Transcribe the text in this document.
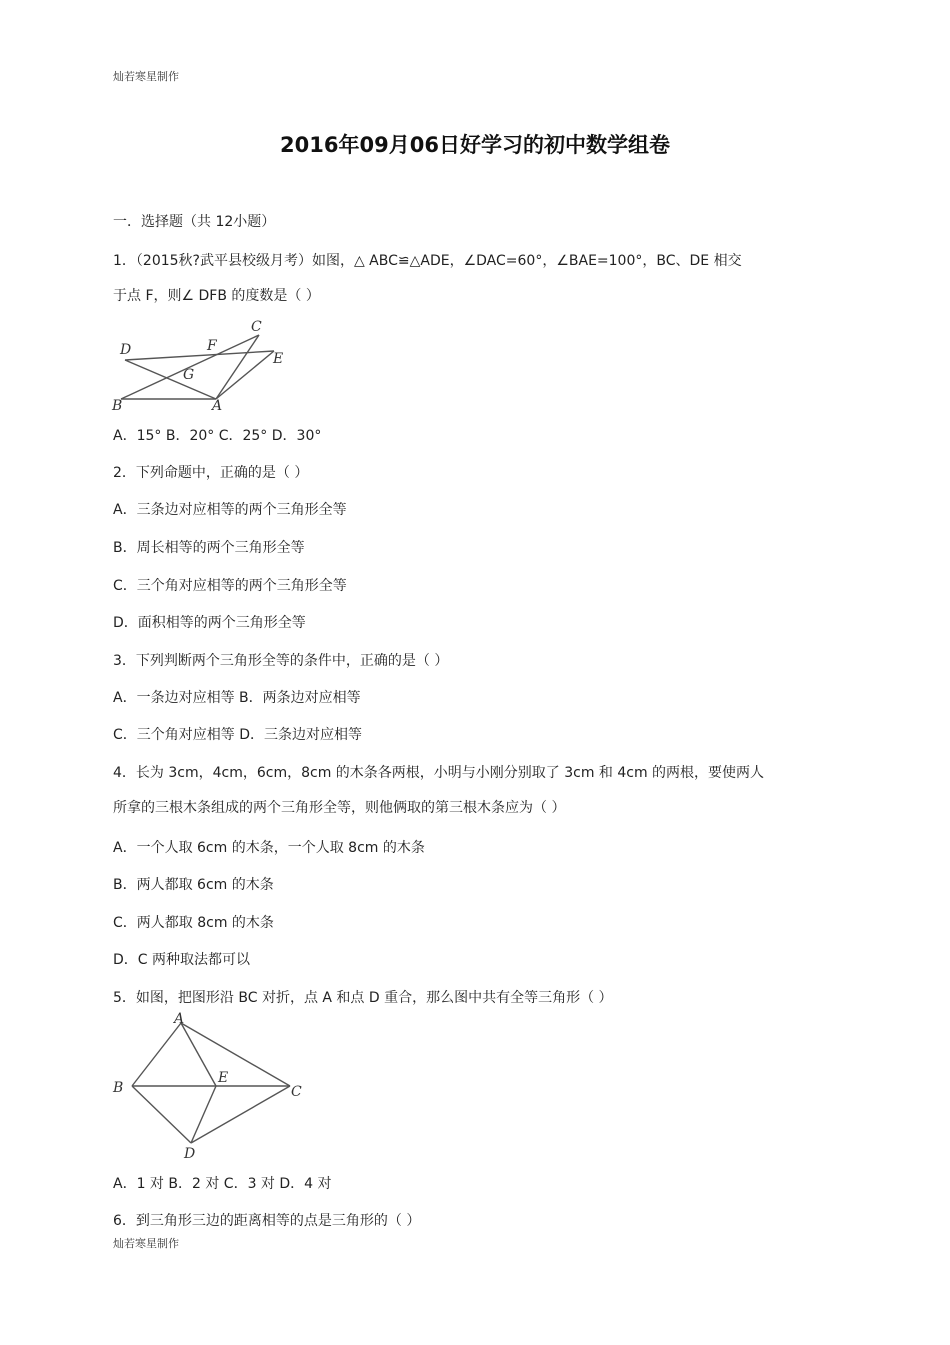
灿若寒星制作
2016年09月06日好学习的初中数学组卷
一．选择题（共 12小题）
1．（2015秋?武平县校级月考）如图，△ ABC≌△ADE，∠DAC=60°，∠BAE=100°，BC、DE 相交
于点 F，则∠ DFB 的度数是（ ）
D	F
C
E
G
B	A
A．15° B．20° C．25° D．30°
2．下列命题中，正确的是（ ）
A．三条边对应相等的两个三角形全等
B．周长相等的两个三角形全等
C．三个角对应相等的两个三角形全等
D．面积相等的两个三角形全等
3．下列判断两个三角形全等的条件中，正确的是（ ）
A．一条边对应相等 B．两条边对应相等
C．三个角对应相等 D．三条边对应相等
4．长为 3cm，4cm，6cm，8cm 的木条各两根，小明与小刚分别取了 3cm 和 4cm 的两根，要使两人
所拿的三根木条组成的两个三角形全等，则他俩取的第三根木条应为（ ）
A．一个人取 6cm 的木条，一个人取 8cm 的木条
B．两人都取 6cm 的木条
C．两人都取 8cm 的木条
D．C 两种取法都可以
5．如图，把图形沿 BC 对折，点 A 和点 D 重合，那么图中共有全等三角形（ ）
A
B
E
C
D
A．1 对 B．2 对 C．3 对 D．4 对
6．到三角形三边的距离相等的点是三角形的（ ）
灿若寒星制作
